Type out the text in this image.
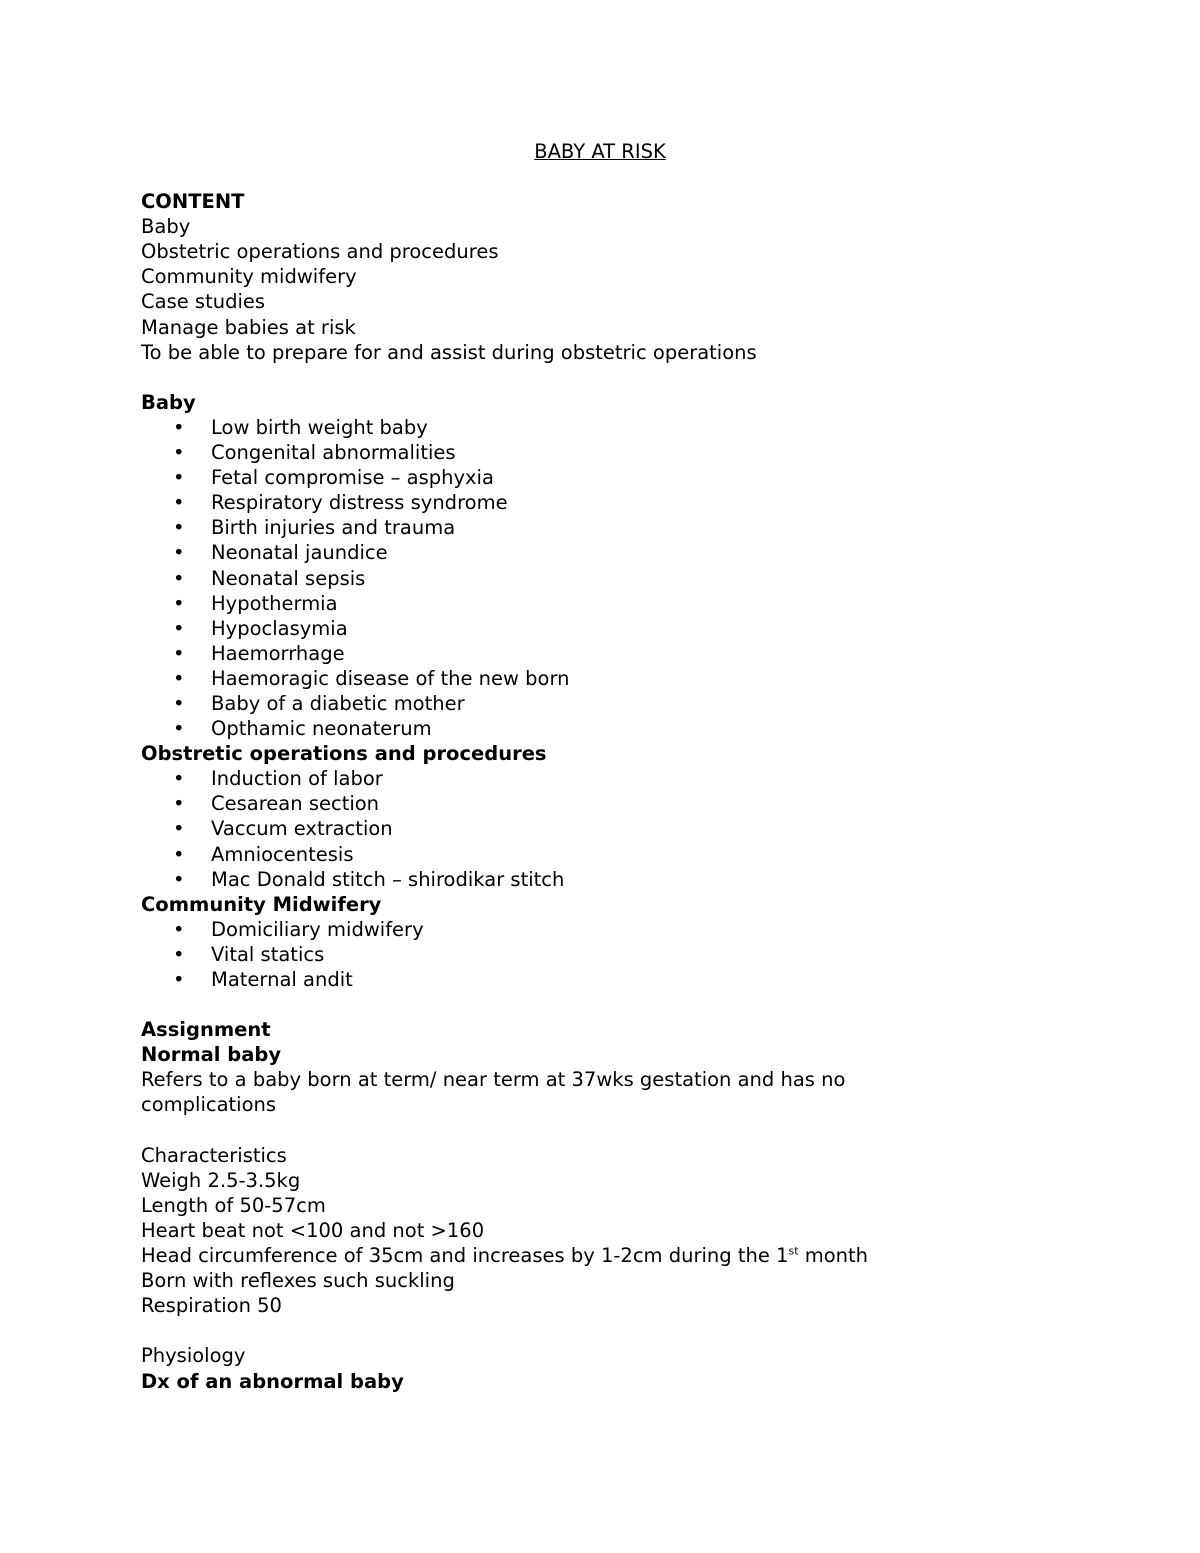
BABY AT RISK
CONTENT
Baby
Obstetric operations and procedures
Community midwifery
Case studies
Manage babies at risk
To be able to prepare for and assist during obstetric operations
Baby
• Low birth weight baby
• Congenital abnormalities
• Fetal compromise – asphyxia
• Respiratory distress syndrome
• Birth injuries and trauma
• Neonatal jaundice
• Neonatal sepsis
• Hypothermia
• Hypoclasymia
• Haemorrhage
• Haemoragic disease of the new born
• Baby of a diabetic mother
• Opthamic neonaterum
Obstretic operations and procedures
• Induction of labor
• Cesarean section
• Vaccum extraction
• Amniocentesis
• Mac Donald stitch – shirodikar stitch
Community Midwifery
• Domiciliary midwifery
• Vital statics
• Maternal andit
Assignment
Normal baby
Refers to a baby born at term/ near term at 37wks gestation and has no complications
Characteristics
Weigh 2.5-3.5kg
Length of 50-57cm
Heart beat not <100 and not >160
Head circumference of 35cm and increases by 1-2cm during the 1st month
Born with reflexes such suckling
Respiration 50
Physiology
Dx of an abnormal baby
